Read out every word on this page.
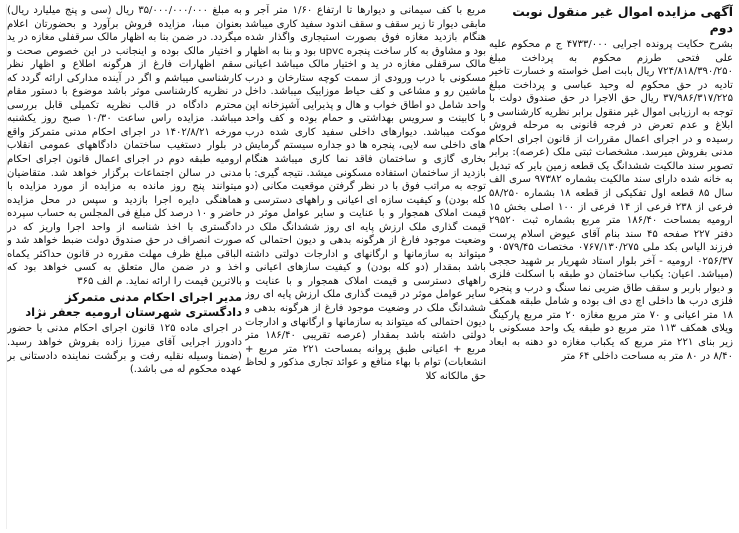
آگهی مزایده اموال غیر منقول نوبت دوم

بشرح حکایت پرونده اجرایی ۴۷۳۳/۰۰۰ ج م محکوم علیه علی فتحی طرزم محکوم به پرداخت مبلغ ۷۲۴/۸۱۸/۳۹۰/۲۵۰ ریال بابت اصل خواسته و خسارت تاخیر تادیه در حق محکوم له وحید عباسی و پرداخت مبلغ ۳۷/۹۸۶/۳۱۷/۲۲۵ ریال حق الاجرا در حق صندوق دولت با توجه به ارزیابی اموال غیر منقول برابر نظریه کارشناسی و ابلاغ و عدم تعرض در فرجه قانونی به مرحله فروش رسیده و در اجرای اعمال مقررات از قانون اجرای احکام مدنی بفروش میرسد. مشخصات ثبتی ملک (عرصه): برابر تصویر سند مالکیت ششدانگ یک قطعه زمین بایر که تبدیل به خانه شده دارای سند مالکیت بشماره ۹۷۳۸۲ سری الف سال ۸۵ قطعه اول تفکیکی از قطعه ۱۸ بشماره ۵۸/۲۵۰ فرعی از ۲۳۸ فرعی از ۱۴ فرعی از ۱۰۰ اصلی بخش ۱۵ ارومیه بمساحت ۱۸۶/۴۰ متر مربع بشماره ثبت ۲۹۵۲۰ دفتر ۲۲۷ صفحه ۴۵ سند بنام آقای عیوض اسلام پرست فرزند الیاس بکد ملی ۰۷۶۷/۱۳۰/۲۷۵ مختصات ۰۵۷۹/۴۵ و ۰۲۵۶/۳۷ ارومیه - آخر بلوار استاد شهریار بر شهید حججی (میباشد. اعیان: یکباب ساختمان دو طبقه با اسکلت فلزی و دیوار باربر و سقف طاق ضربی نما سنگ و درب و پنجره فلزی درب ها داخلی اچ دی اف بوده و شامل طبقه همکف ۱۸ متر اعیانی و ۷۰ متر مربع مغازه ۲۰ متر مربع پارکینگ ویلای همکف ۱۱۳ متر مربع دو طبقه یک واحد مسکونی با زیر بنای ۲۲۱ متر مربع که یکباب مغازه دو دهنه به ابعاد ۸/۴۰ در ۸۰ متر به مساحت داخلی ۶۴ متر

مربع با کف سیمانی و دیوارها تا ارتفاع ۱/۶۰ متر آجر و مابقی دیوار تا زیر سقف و سقف اندود سفید کاری میباشد هنگام بازدید مغازه فوق بصورت استیجاری واگذار شده بود و مشاوق به کار ساخت پنجره upvc بود و بنا به اظهار مالک سرقفلی مغازه در ید و اختیار مالک میباشد اعیانی مسکونی با درب ورودی از سمت کوچه ستارخان و درب ماشین رو و مشاعی و کف حیاط موزاییک میباشد. داخل واحد شامل دو اطاق خواب و هال و پذیرایی آشپزخانه اپن با کابینت و سرویس بهداشتی و حمام بوده و کف واحد موکت میباشد. دیوارهای داخلی سفید کاری شده درب های داخلی سه لایی، پنجره ها دو جداره سیستم گرمایش بخاری گازی و ساختمان فاقد نما کاری میباشد هنگام بازدید از ساختمان استفاده مسکونی میشد. نتیجه گیری: با توجه به مراتب فوق با در نظر گرفتن موقعیت مکانی (دو کله بودن) و کیفیت سازه ای اعیانی و راههای دسترسی و قیمت املاک همجوار و با عنایت و سایر عوامل موثر در قیمت گذاری ملک ارزش پایه ای روز ششدانگ ملک در وضعیت موجود فارغ از هرگونه بدهی و دیون احتمالی که میتواند به سازمانها و ارگانهای و ادارجات دولتی داشته باشد بمقدار (دو کله بودن) و کیفیت سازهای اعیانی و راههای دسترسی و قیمت املاک همجوار و با عنایت و سایر عوامل موثر در قیمت گذاری ملک ارزش پایه ای روز ششدانگ ملک در وضعیت موجود فارغ از هرگونه بدهی و دیون احتمالی که میتواند به سازمانها و ارگانهای و ادارجات دولتی داشته باشد بمقدار (عرصه تقریبی ۱۸۶/۴۰ متر مربع + اعیانی طبق پروانه بمساحت ۲۲۱ متر مربع + انشعابات) توام با بهاء منافع و عوائد تجاری مذکور و لحاظ حق مالکانه کلا

به مبلغ ۳۵/۰۰۰/۰۰۰/۰۰۰ ریال (سی و پنج میلیارد ریال) بعنوان مبنا، مزایده فروش برآورد و بحضورتان اعلام میگردد. در ضمن بنا به اظهار مالک سرقفلی مغازه در ید و اختیار مالک بوده و اینجانب در این خصوص صحت و سقم اظهارات فارغ از هرگونه اطلاع و اظهار نظر کارشناسی میباشم و اگر در آینده مدارکی ارائه گردد که در نظریه کارشناسی موثر باشد موضوع با دستور مقام محترم دادگاه در قالب نظریه تکمیلی قابل بررسی میباشد. مزایده راس ساعت ۱۰/۳۰ صبح روز یکشنبه مورخه ۱۴۰۲/۸/۲۱ در اجرای احکام مدنی متمرکز واقع در بلوار دستغیب ساختمان دادگاههای عمومی انقلاب ارومیه طبقه دوم در اجرای اعمال قانون اجرای احکام مدنی در سالن اجتماعات برگزار خواهد شد. متقاضیان میتوانند پنج روز مانده به مزایده از مورد مزایده با هماهنگی دایره اجرا بازدید و سپس در محل مزایده حاضر و ۱۰ درصد کل مبلغ فی المجلس به حساب سپرده دادگستری با اخذ شناسه از واحد اجرا واریز که در صورت انصراف در حق صندوق دولت ضبط خواهد شد و الباقی مبلغ ظرف مهلت مقرره در قانون حداکثر یکماه اخذ و در ضمن مال متعلق به کسی خواهد بود که بالاترین قیمت را ارائه نماید. م الف ۳۶۵

مدیر اجرای احکام مدنی متمرکز دادگستری شهرستان ارومیه جعفر نژاد

در اجرای ماده ۱۲۵ قانون اجرای احکام مدنی با حضور دادورز اجرایی آقای میرزا زاده بفروش خواهد رسید. (ضمنا وسیله نقلیه رفت و برگشت نماینده دادستانی بر عهده محکوم له می باشد.)
